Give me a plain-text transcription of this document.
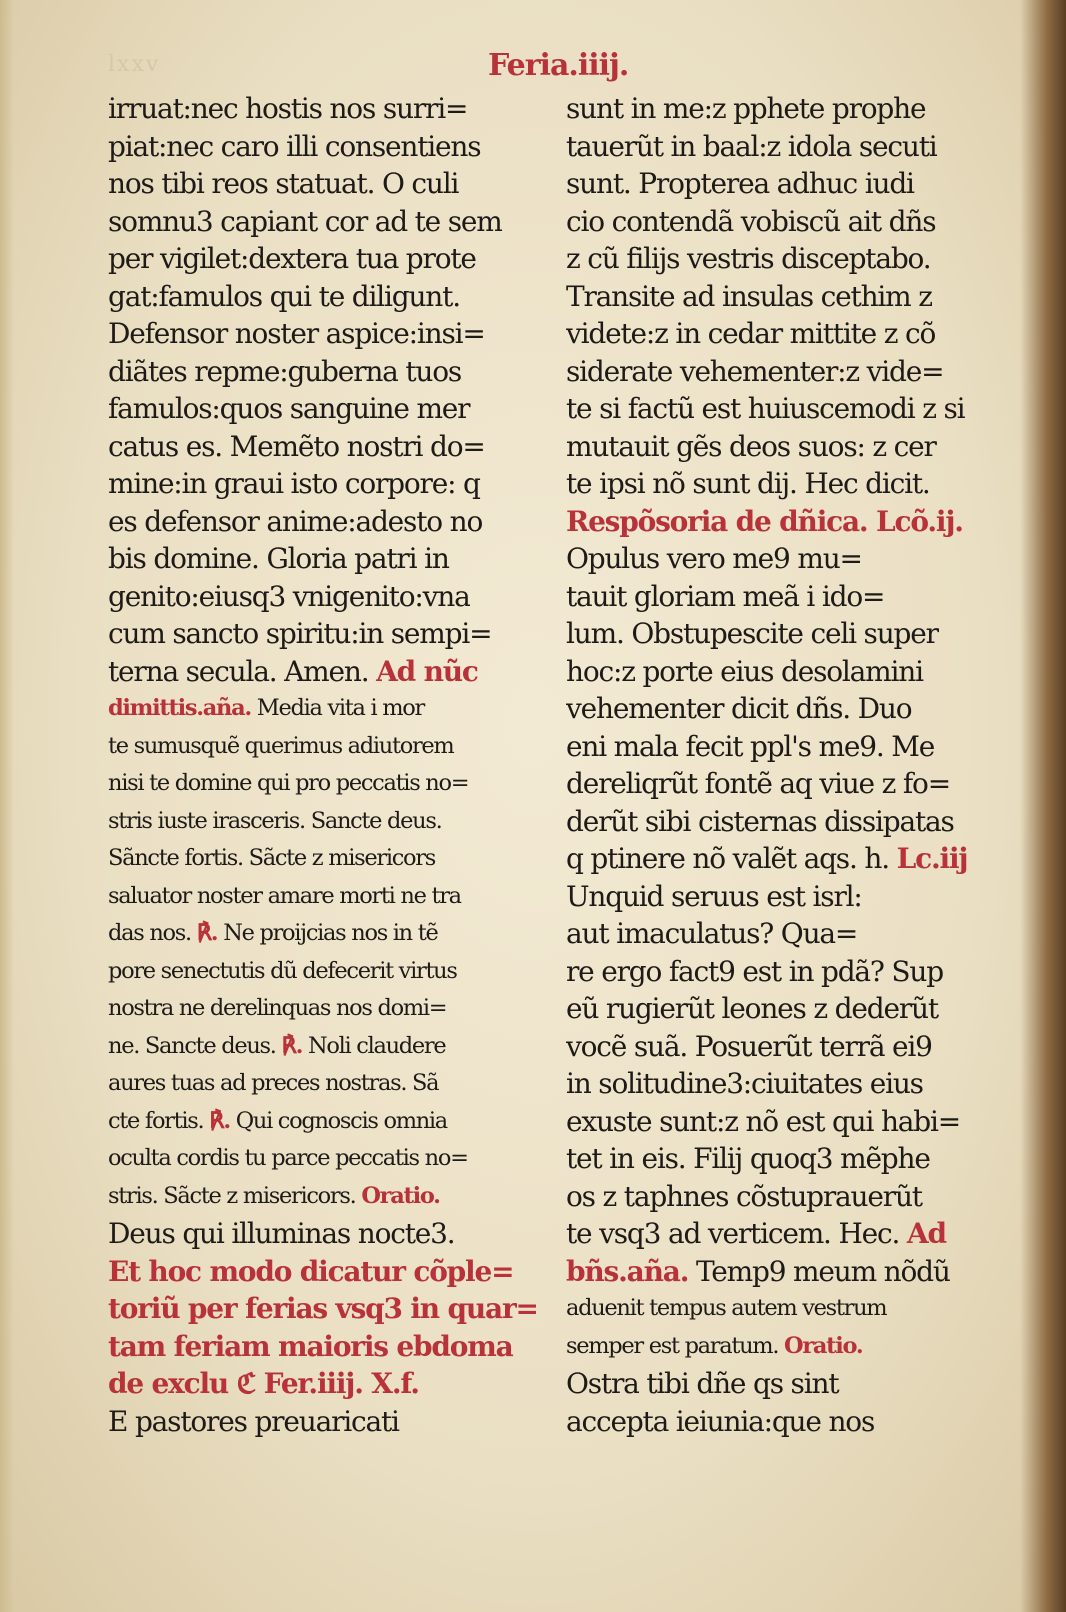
lxxv	Feria.iiij.
irruat:nec hostis nos surri=
piat:nec caro illi consentiens
nos tibi reos statuat. O culi
somnu3 capiant cor ad te sem
per vigilet:dextera tua prote
gat:famulos qui te diligunt.
Defensor noster aspice:insi=
diãtes repme:guberna tuos
famulos:quos sanguine mer
catus es. Memẽto nostri do=
mine:in graui isto corpore: q
es defensor anime:adesto no
bis domine. Gloria patri in
genito:eiusq3 vnigenito:vna
cum sancto spiritu:in sempi=
terna secula. Amen. Ad nũc
dimittis.aña. Media vita i mor
te sumusquẽ querimus adiutorem
nisi te domine qui pro peccatis no=
stris iuste irasceris. Sancte deus.
Sãncte fortis. Sãcte z misericors
saluator noster amare morti ne tra
das nos. ℟. Ne proijcias nos in tẽ
pore senectutis dũ defecerit virtus
nostra ne derelinquas nos domi=
ne. Sancte deus. ℟. Noli claudere
aures tuas ad preces nostras. Sã
cte fortis. ℟. Qui cognoscis omnia
oculta cordis tu parce peccatis no=
stris. Sãcte z misericors. Oratio.
Deus qui illuminas nocte3.
Et hoc modo dicatur cõple=
toriũ per ferias vsq3 in quar=
tam feriam maioris ebdoma
de exclu ℭ Fer.iiij. X.f.
E pastores preuaricati
sunt in me:z pphete prophe
tauerũt in baal:z idola secuti
sunt. Propterea adhuc iudi
cio contendã vobiscũ ait dñs
z cũ filijs vestris disceptabo.
Transite ad insulas cethim z
videte:z in cedar mittite z cõ
siderate vehementer:z vide=
te si factũ est huiuscemodi z si
mutauit gẽs deos suos: z cer
te ipsi nõ sunt dij. Hec dicit.
Respõsoria de dñica. Lcõ.ij.
Opulus vero me9 mu=
tauit gloriam meã i ido=
lum. Obstupescite celi super
hoc:z porte eius desolamini
vehementer dicit dñs. Duo
eni mala fecit ppl's me9. Me
dereliqrũt fontẽ aq viue z fo=
derũt sibi cisternas dissipatas
q ptinere nõ valẽt aqs. h. Lc.iij
Unquid seruus est isrl:
aut imaculatus? Qua=
re ergo fact9 est in pdã? Sup
eũ rugierũt leones z dederũt
vocẽ suã. Posuerũt terrã ei9
in solitudine3:ciuitates eius
exuste sunt:z nõ est qui habi=
tet in eis. Filij quoq3 mẽphe
os z taphnes cõstuprauerũt
te vsq3 ad verticem. Hec. Ad
bñs.aña. Temp9 meum nõdũ
aduenit tempus autem vestrum
semper est paratum. Oratio.
Ostra tibi dñe qs sint
accepta ieiunia:que nos
